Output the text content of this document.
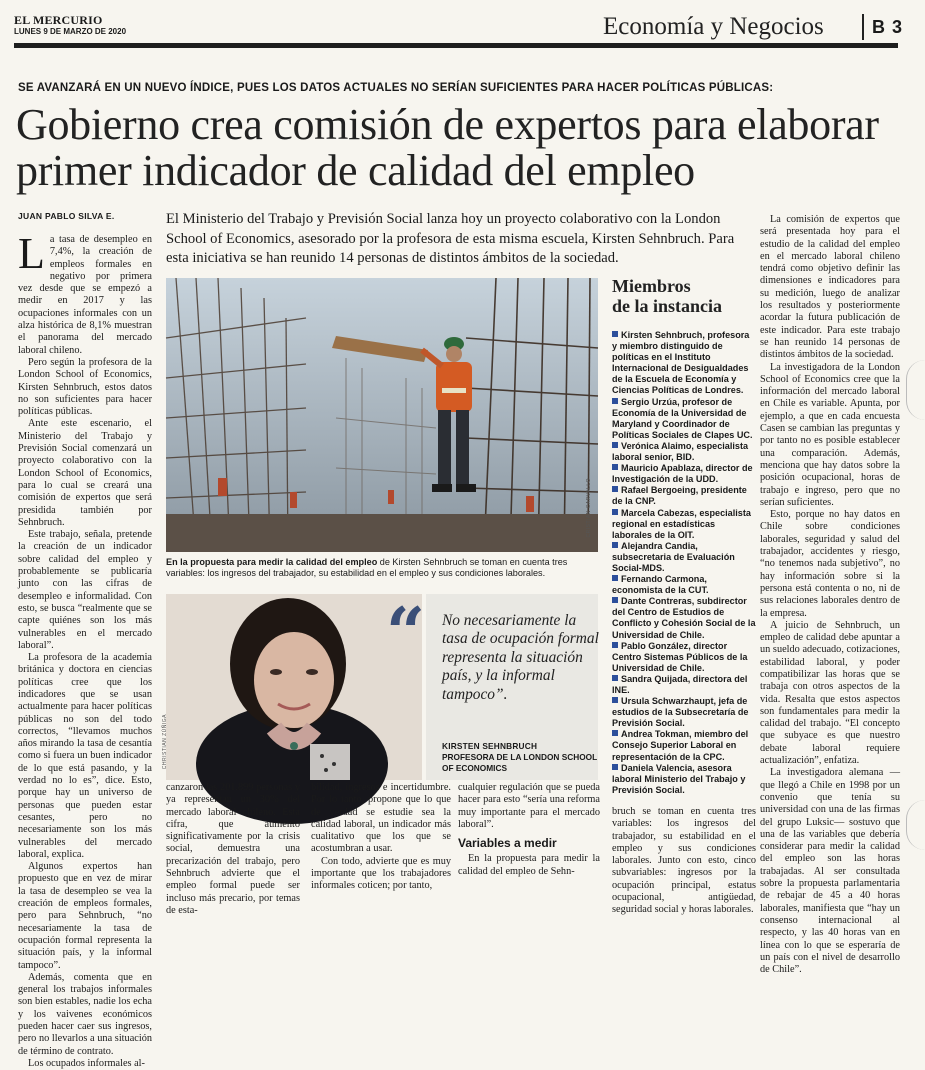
EL MERCURIO
LUNES 9 DE MARZO DE 2020	Economía y Negocios	B 3
SE AVANZARÁ EN UN NUEVO ÍNDICE, PUES LOS DATOS ACTUALES NO SERÍAN SUFICIENTES PARA HACER POLÍTICAS PÚBLICAS:
Gobierno crea comisión de expertos para elaborar primer indicador de calidad del empleo
JUAN PABLO SILVA E.	El Ministerio del Trabajo y Previsión Social lanza hoy un proyecto colaborativo con la London School of Economics, asesorado por la profesora de esta misma escuela, Kirsten Sehnbruch. Para esta iniciativa se han reunido 14 personas de distintos ámbitos de la sociedad.

La tasa de desempleo en 7,4%, la creación de empleos formales en negativo por primera vez desde que se empezó a medir en 2017 y las ocupaciones informales con un alza histórica de 8,1% muestran el panorama del mercado laboral chileno.

Pero según la profesora de la London School of Economics, Kirsten Sehnbruch, estos datos no son suficientes para hacer políticas públicas.

Ante este escenario, el Ministerio del Trabajo y Previsión Social comenzará un proyecto colaborativo con la London School of Economics, para lo cual se creará una comisión de expertos que será presidida también por Sehnbruch.

Este trabajo, señala, pretende la creación de un indicador sobre calidad del empleo y probablemente se publicaría junto con las cifras de desempleo e informalidad. Con esto, se busca “realmente que se capte quiénes son los más vulnerables en el mercado laboral”.

La profesora de la academia británica y doctora en ciencias políticas cree que los indicadores que se usan actualmente para hacer políticas públicas no son del todo correctos, “llevamos muchos años mirando la tasa de cesantía como si fuera un buen indicador de lo que está pasando, y la verdad no lo es”, dice. Esto, porque hay un universo de personas que pueden estar cesantes, pero no necesariamente son los más vulnerables del mercado laboral, explica.

Algunos expertos han propuesto que en vez de mirar la tasa de desempleo se vea la creación de empleos formales, pero para Sehnbruch, “no necesariamente la tasa de ocupación formal representa la situación país, y la informal tampoco”.

Además, comenta que en general los trabajos informales son bien estables, nadie los echa y los vaivenes económicos pueden hacer caer sus ingresos, pero no llevarlos a una situación de término de contrato.

Los ocupados informales al-

CRISTIAN CARVALLO
En la propuesta para medir la calidad del empleo de Kirsten Sehnbruch se toman en cuenta tres variables: los ingresos del trabajador, su estabilidad en el empleo y sus condiciones laborales.
CHRISTIAN ZÚÑIGA
“ No necesariamente la tasa de ocupación formal representa la situación país, y la informal tampoco”.
KIRSTEN SEHNBRUCH
PROFESORA DE LA LONDON SCHOOL OF ECONOMICS
Miembros
de la instancia

Kirsten Sehnbruch, profesora y miembro distinguido de políticas en el Instituto Internacional de Desigualdades de la Escuela de Economía y Ciencias Políticas de Londres.

Sergio Urzúa, profesor de Economía de la Universidad de Maryland y Coordinador de Políticas Sociales de Clapes UC.

Verónica Alaimo, especialista laboral senior, BID.

Mauricio Apablaza, director de Investigación de la UDD.

Rafael Bergoeing, presidente de la CNP.

Marcela Cabezas, especialista regional en estadísticas laborales de la OIT.

Alejandra Candia, subsecretaria de Evaluación Social-MDS.

Fernando Carmona, economista de la CUT.

Dante Contreras, subdirector del Centro de Estudios de Conflicto y Cohesión Social de la Universidad de Chile.

Pablo González, director Centro Sistemas Públicos de la Universidad de Chile.

Sandra Quijada, directora del INE.

Ursula Schwarzhaupt, jefa de estudios de la Subsecretaría de Previsión Social.

Andrea Tokman, miembro del Consejo Superior Laboral en representación de la CPC.

Daniela Valencia, asesora laboral Ministerio del Trabajo y Previsión Social.

canzaron las 201.899 personas y ya representan un 30% del mercado laboral chileno. Esta cifra, que aumentó significativamente por la crisis social, demuestra una precarización del trabajo, pero Sehnbruch advierte que el empleo formal puede ser incluso más precario, por temas de esta-

bilidad, ingresos e incertidumbre. Por lo tanto, propone que lo que de verdad se estudie sea la calidad laboral, un indicador más cualitativo que los que se acostumbran a usar.

Con todo, advierte que es muy importante que los trabajadores informales coticen; por tanto,

cualquier regulación que se pueda hacer para esto “sería una reforma muy importante para el mercado laboral”.

Variables a medir

En la propuesta para medir la calidad del empleo de Sehn-

bruch se toman en cuenta tres variables: los ingresos del trabajador, su estabilidad en el empleo y sus condiciones laborales. Junto con esto, cinco subvariables: ingresos por la ocupación principal, estatus ocupacional, antigüedad, seguridad social y horas laborales.

La comisión de expertos que será presentada hoy para el estudio de la calidad del empleo en el mercado laboral chileno tendrá como objetivo definir las dimensiones e indicadores para su medición, luego de analizar los resultados y posteriormente acordar la futura publicación de este indicador. Para este trabajo se han reunido 14 personas de distintos ámbitos de la sociedad.

La investigadora de la London School of Economics cree que la información del mercado laboral en Chile es variable. Apunta, por ejemplo, a que en cada encuesta Casen se cambian las preguntas y por tanto no es posible establecer una comparación. Además, menciona que hay datos sobre la posición ocupacional, horas de trabajo e ingreso, pero que no serían suficientes.

Esto, porque no hay datos en Chile sobre condiciones laborales, seguridad y salud del trabajador, accidentes y riesgo, “no tenemos nada subjetivo”, no hay información sobre si la persona está contenta o no, ni de sus relaciones laborales dentro de la empresa.

A juicio de Sehnbruch, un empleo de calidad debe apuntar a un sueldo adecuado, cotizaciones, estabilidad laboral, y poder compatibilizar las horas que se trabaja con otros aspectos de la vida. Resalta que estos aspectos son fundamentales para medir la calidad del trabajo. “El concepto que subyace es que nuestro debate laboral requiere actualización”, enfatiza.

La investigadora alemana —que llegó a Chile en 1998 por un convenio que tenía su universidad con una de las firmas del grupo Luksic— sostuvo que una de las variables que debería considerar para medir la calidad del empleo son las horas trabajadas. Al ser consultada sobre la propuesta parlamentaria de rebajar de 45 a 40 horas laborales, manifiesta que “hay un consenso internacional al respecto, y las 40 horas van en línea con lo que se esperaría de un país con el nivel de desarrollo de Chile”.
